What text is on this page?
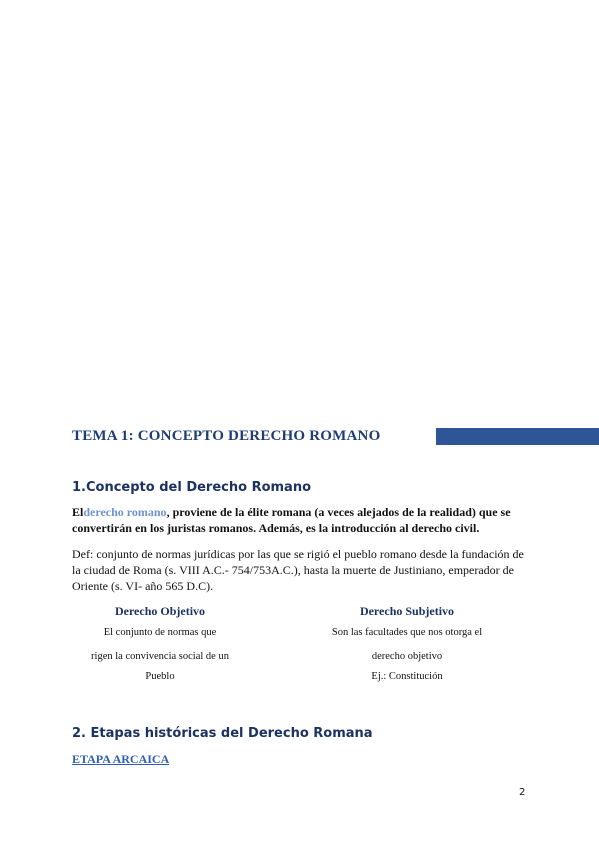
TEMA 1: CONCEPTO DERECHO ROMANO
1.Concepto del Derecho Romano
Elderecho romano, proviene de la élite romana (a veces alejados de la realidad) que se convertirán en los juristas romanos. Además, es la introducción al derecho civil.
Def: conjunto de normas jurídicas por las que se rigió el pueblo romano desde la fundación de la ciudad de Roma (s. VIII A.C.- 754/753A.C.), hasta la muerte de Justiniano, emperador de Oriente (s. VI- año 565 D.C).
Derecho Objetivo
El conjunto de normas que
rigen la convivencia social de un
Pueblo
Derecho Subjetivo
Son las facultades que nos otorga el
derecho objetivo
Ej.: Constitución
2. Etapas históricas del Derecho Romana
ETAPA ARCAICA
2
